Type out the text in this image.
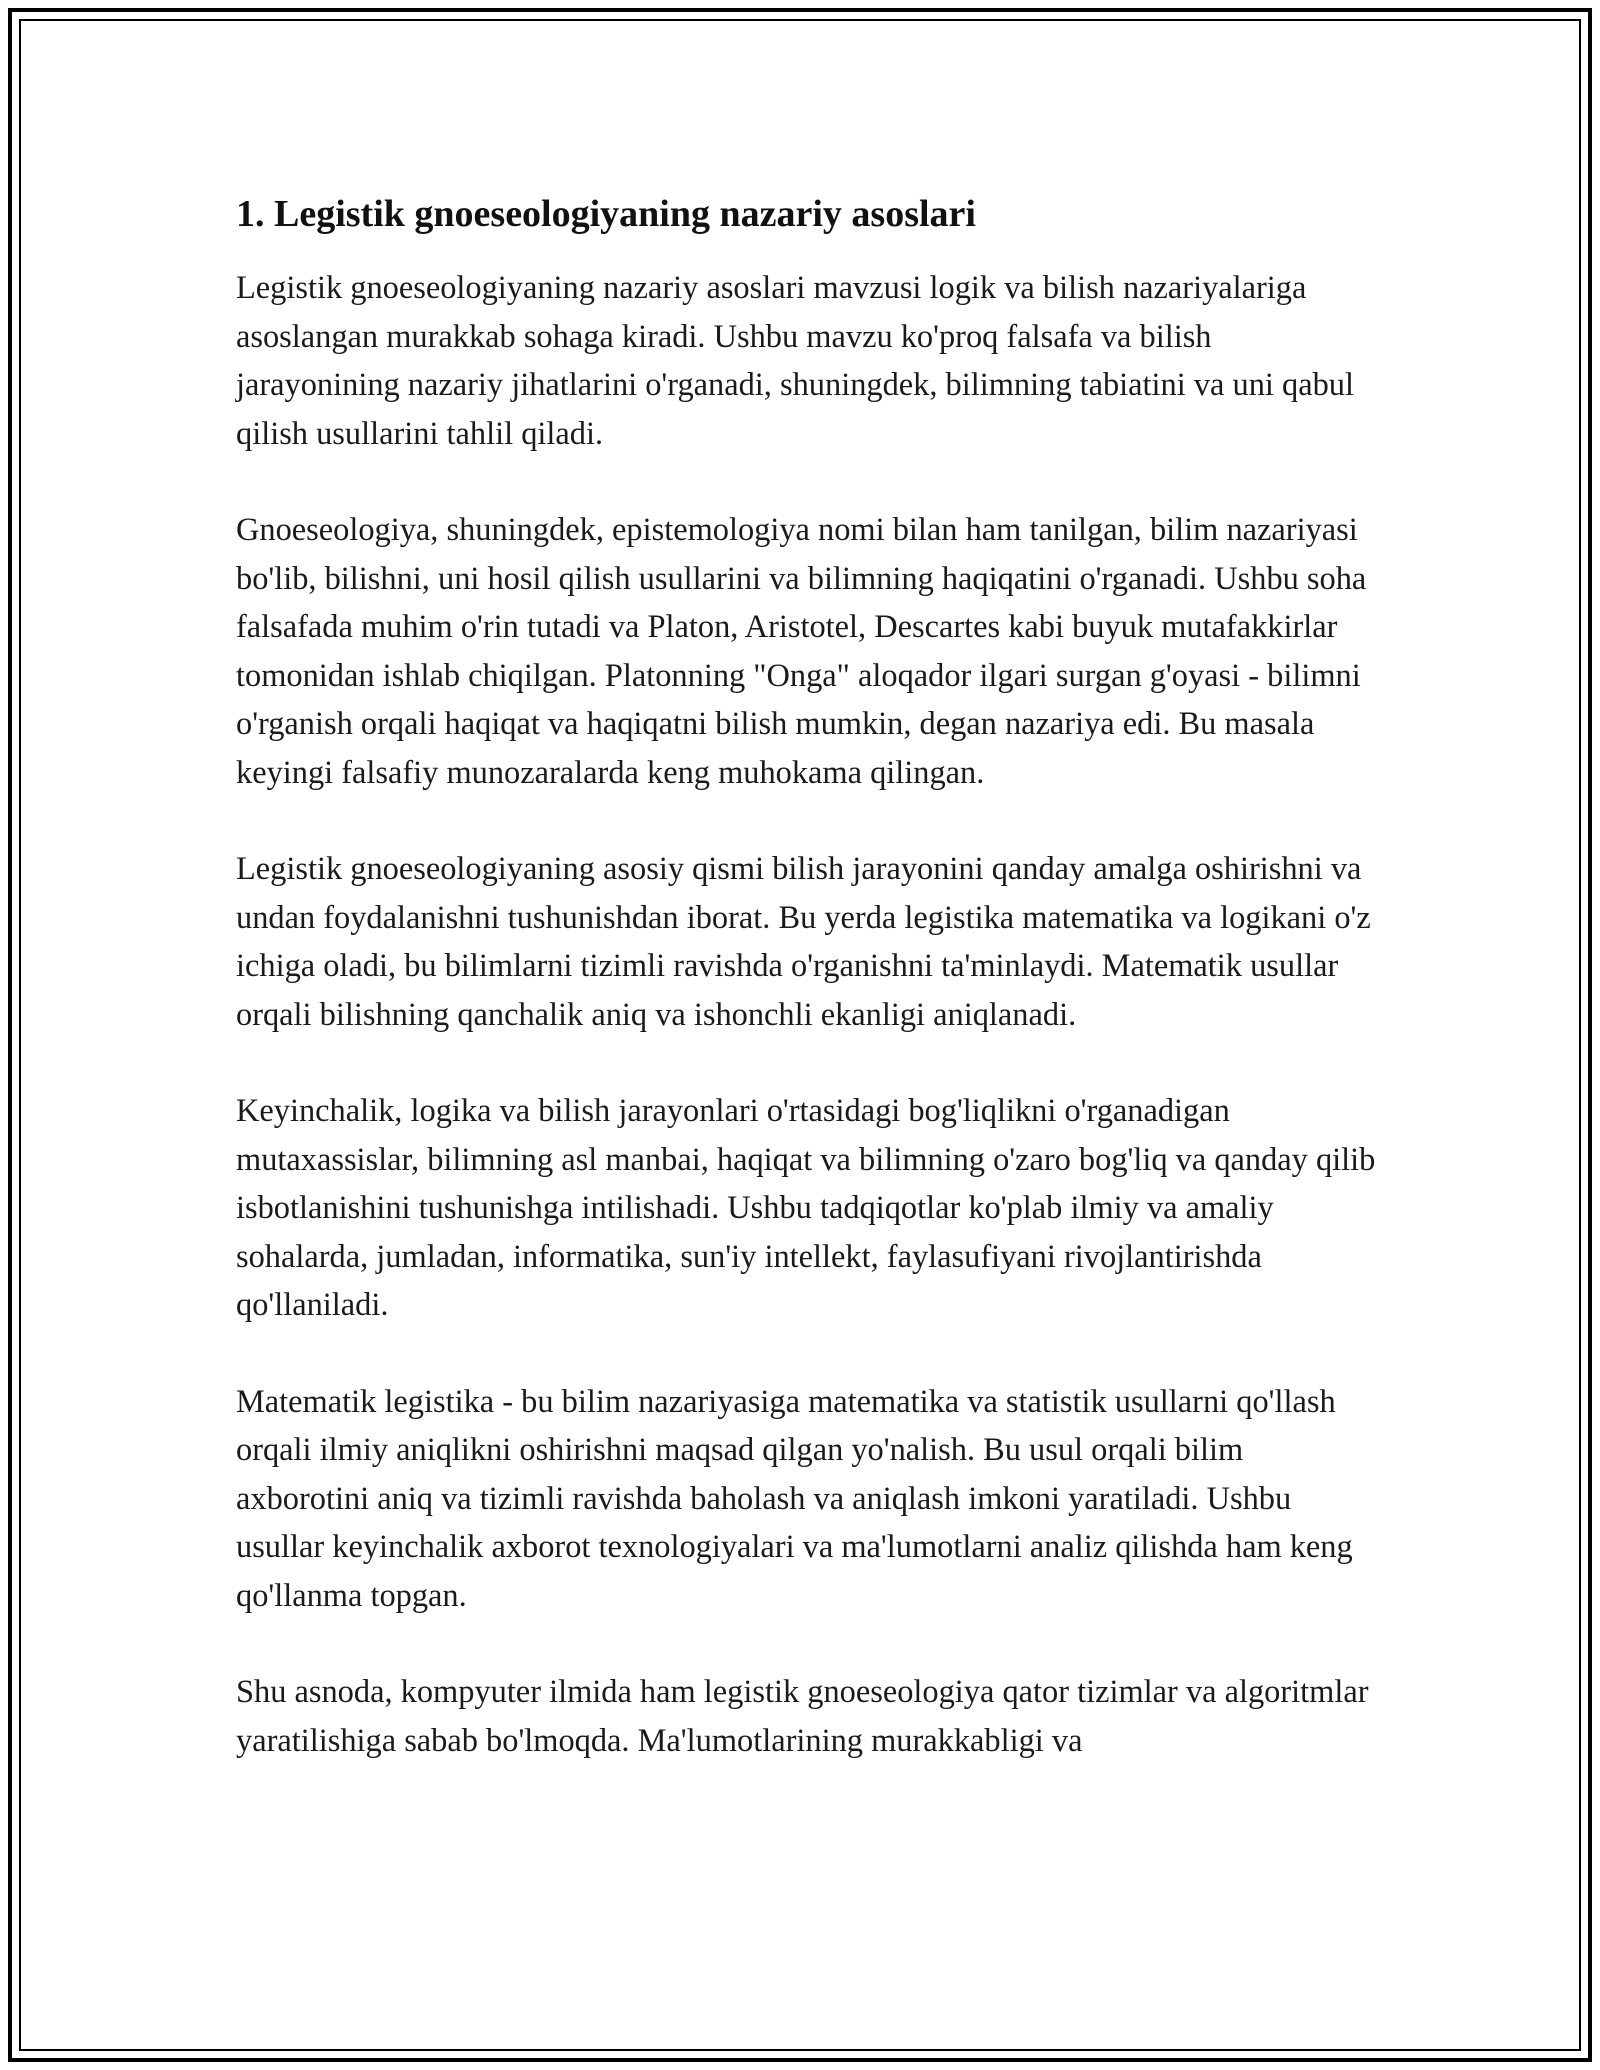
1. Legistik gnoeseologiyaning nazariy asoslari

Legistik gnoeseologiyaning nazariy asoslari mavzusi logik va bilish nazariyalariga asoslangan murakkab sohaga kiradi. Ushbu mavzu ko'proq falsafa va bilish jarayonining nazariy jihatlarini o'rganadi, shuningdek, bilimning tabiatini va uni qabul qilish usullarini tahlil qiladi.

Gnoeseologiya, shuningdek, epistemologiya nomi bilan ham tanilgan, bilim nazariyasi bo'lib, bilishni, uni hosil qilish usullarini va bilimning haqiqatini o'rganadi. Ushbu soha falsafada muhim o'rin tutadi va Platon, Aristotel, Descartes kabi buyuk mutafakkirlar tomonidan ishlab chiqilgan. Platonning "Onga" aloqador ilgari surgan g'oyasi - bilimni o'rganish orqali haqiqat va haqiqatni bilish mumkin, degan nazariya edi. Bu masala keyingi falsafiy munozaralarda keng muhokama qilingan.

Legistik gnoeseologiyaning asosiy qismi bilish jarayonini qanday amalga oshirishni va undan foydalanishni tushunishdan iborat. Bu yerda legistika matematika va logikani o'z ichiga oladi, bu bilimlarni tizimli ravishda o'rganishni ta'minlaydi. Matematik usullar orqali bilishning qanchalik aniq va ishonchli ekanligi aniqlanadi.

Keyinchalik, logika va bilish jarayonlari o'rtasidagi bog'liqlikni o'rganadigan mutaxassislar, bilimning asl manbai, haqiqat va bilimning o'zaro bog'liq va qanday qilib isbotlanishini tushunishga intilishadi. Ushbu tadqiqotlar ko'plab ilmiy va amaliy sohalarda, jumladan, informatika, sun'iy intellekt, faylasufiyani rivojlantirishda qo'llaniladi.

Matematik legistika - bu bilim nazariyasiga matematika va statistik usullarni qo'llash orqali ilmiy aniqlikni oshirishni maqsad qilgan yo'nalish. Bu usul orqali bilim axborotini aniq va tizimli ravishda baholash va aniqlash imkoni yaratiladi. Ushbu usullar keyinchalik axborot texnologiyalari va ma'lumotlarni analiz qilishda ham keng qo'llanma topgan.

Shu asnoda, kompyuter ilmida ham legistik gnoeseologiya qator tizimlar va algoritmlar yaratilishiga sabab bo'lmoqda. Ma'lumotlarining murakkabligi va
